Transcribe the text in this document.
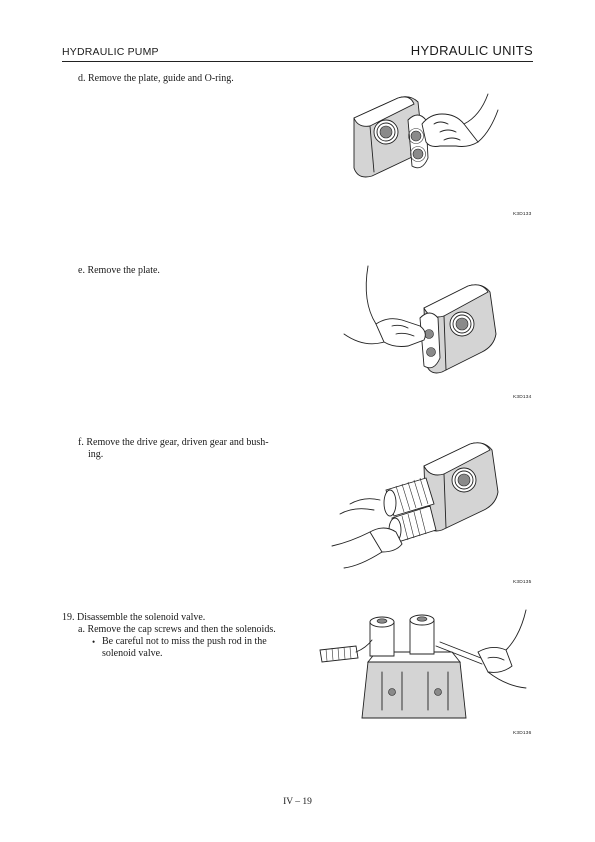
HYDRAULIC PUMP	HYDRAULIC UNITS
d. Remove the plate, guide and O-ring.
K3D133
e. Remove the plate.
K3D134
f. Remove the drive gear, driven gear and bush-
ing.
K3D135
19. Disassemble the solenoid valve.
a. Remove the cap screws and then the solenoids.
• Be careful not to miss the push rod in the
solenoid valve.
K3D136
IV – 19
